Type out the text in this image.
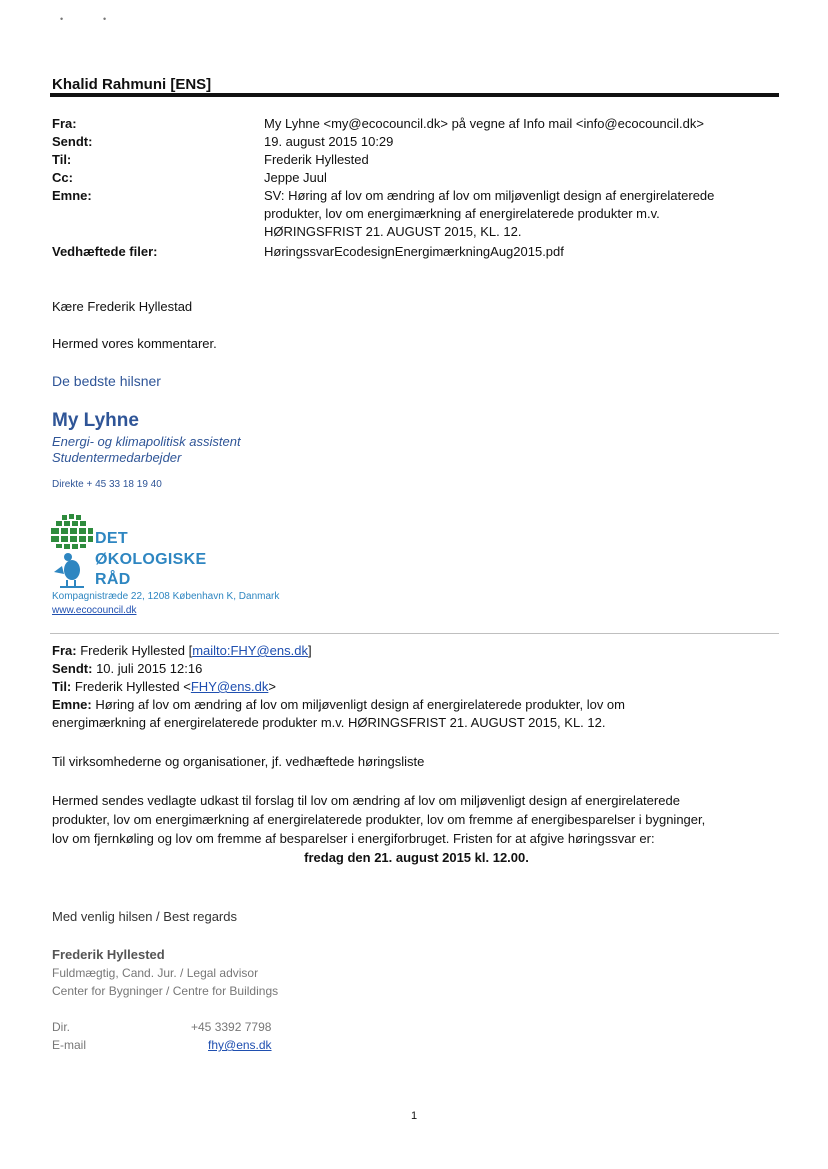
•	•
Khalid Rahmuni [ENS]
Fra:	My Lyhne <my@ecocouncil.dk> på vegne af Info mail <info@ecocouncil.dk>
Sendt:	19. august 2015 10:29
Til:	Frederik Hyllested
Cc:	Jeppe Juul
Emne:	SV: Høring af lov om ændring af lov om miljøvenligt design af energirelaterede
produkter, lov om energimærkning af energirelaterede produkter m.v.
HØRINGSFRIST 21. AUGUST 2015, KL. 12.
Vedhæftede filer:	HøringssvarEcodesignEnergimærkningAug2015.pdf
Kære Frederik Hyllestad
Hermed vores kommentarer.
De bedste hilsner
My Lyhne
Energi- og klimapolitisk assistent
Studentermedarbejder
Direkte + 45 33 18 19 40
DET
ØKOLOGISKE
RÅD
Kompagnistræde 22, 1208 København K, Danmark
www.ecocouncil.dk
Fra: Frederik Hyllested [mailto:FHY@ens.dk]
Sendt: 10. juli 2015 12:16
Til: Frederik Hyllested <FHY@ens.dk>
Emne: Høring af lov om ændring af lov om miljøvenligt design af energirelaterede produkter, lov om
energimærkning af energirelaterede produkter m.v. HØRINGSFRIST 21. AUGUST 2015, KL. 12.
Til virksomhederne og organisationer, jf. vedhæftede høringsliste
Hermed sendes vedlagte udkast til forslag til lov om ændring af lov om miljøvenligt design af energirelaterede
produkter, lov om energimærkning af energirelaterede produkter, lov om fremme af energibesparelser i bygninger,
lov om fjernkøling og lov om fremme af besparelser i energiforbruget. Fristen for at afgive høringssvar er:
fredag den 21. august 2015 kl. 12.00.
Med venlig hilsen / Best regards
Frederik Hyllested
Fuldmægtig, Cand. Jur. / Legal advisor
Center for Bygninger / Centre for Buildings
Dir.	+45 3392 7798
E-mail	fhy@ens.dk
1
